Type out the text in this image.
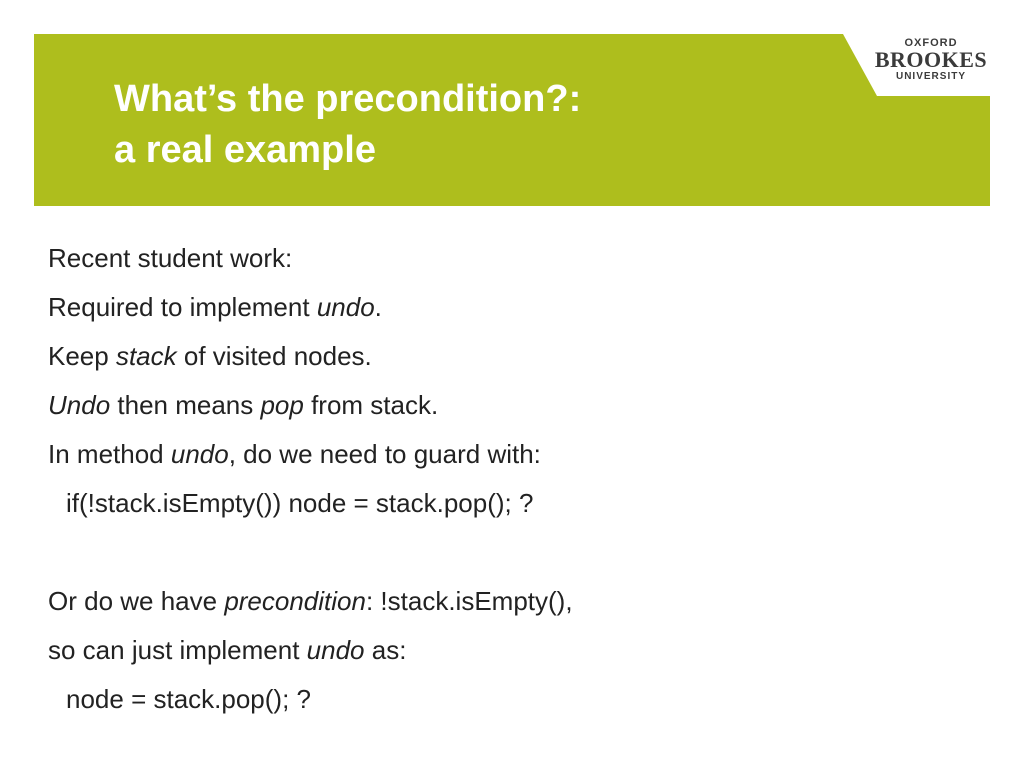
OXFORD
BROOKES
UNIVERSITY
What’s the precondition?:
a real example
Recent student work:
Required to implement undo.
Keep stack of visited nodes.
Undo then means pop from stack.
In method undo, do we need to guard with:
if(!stack.isEmpty()) node = stack.pop(); ?
Or do we have precondition: !stack.isEmpty(),
so can just implement undo as:
node = stack.pop(); ?
